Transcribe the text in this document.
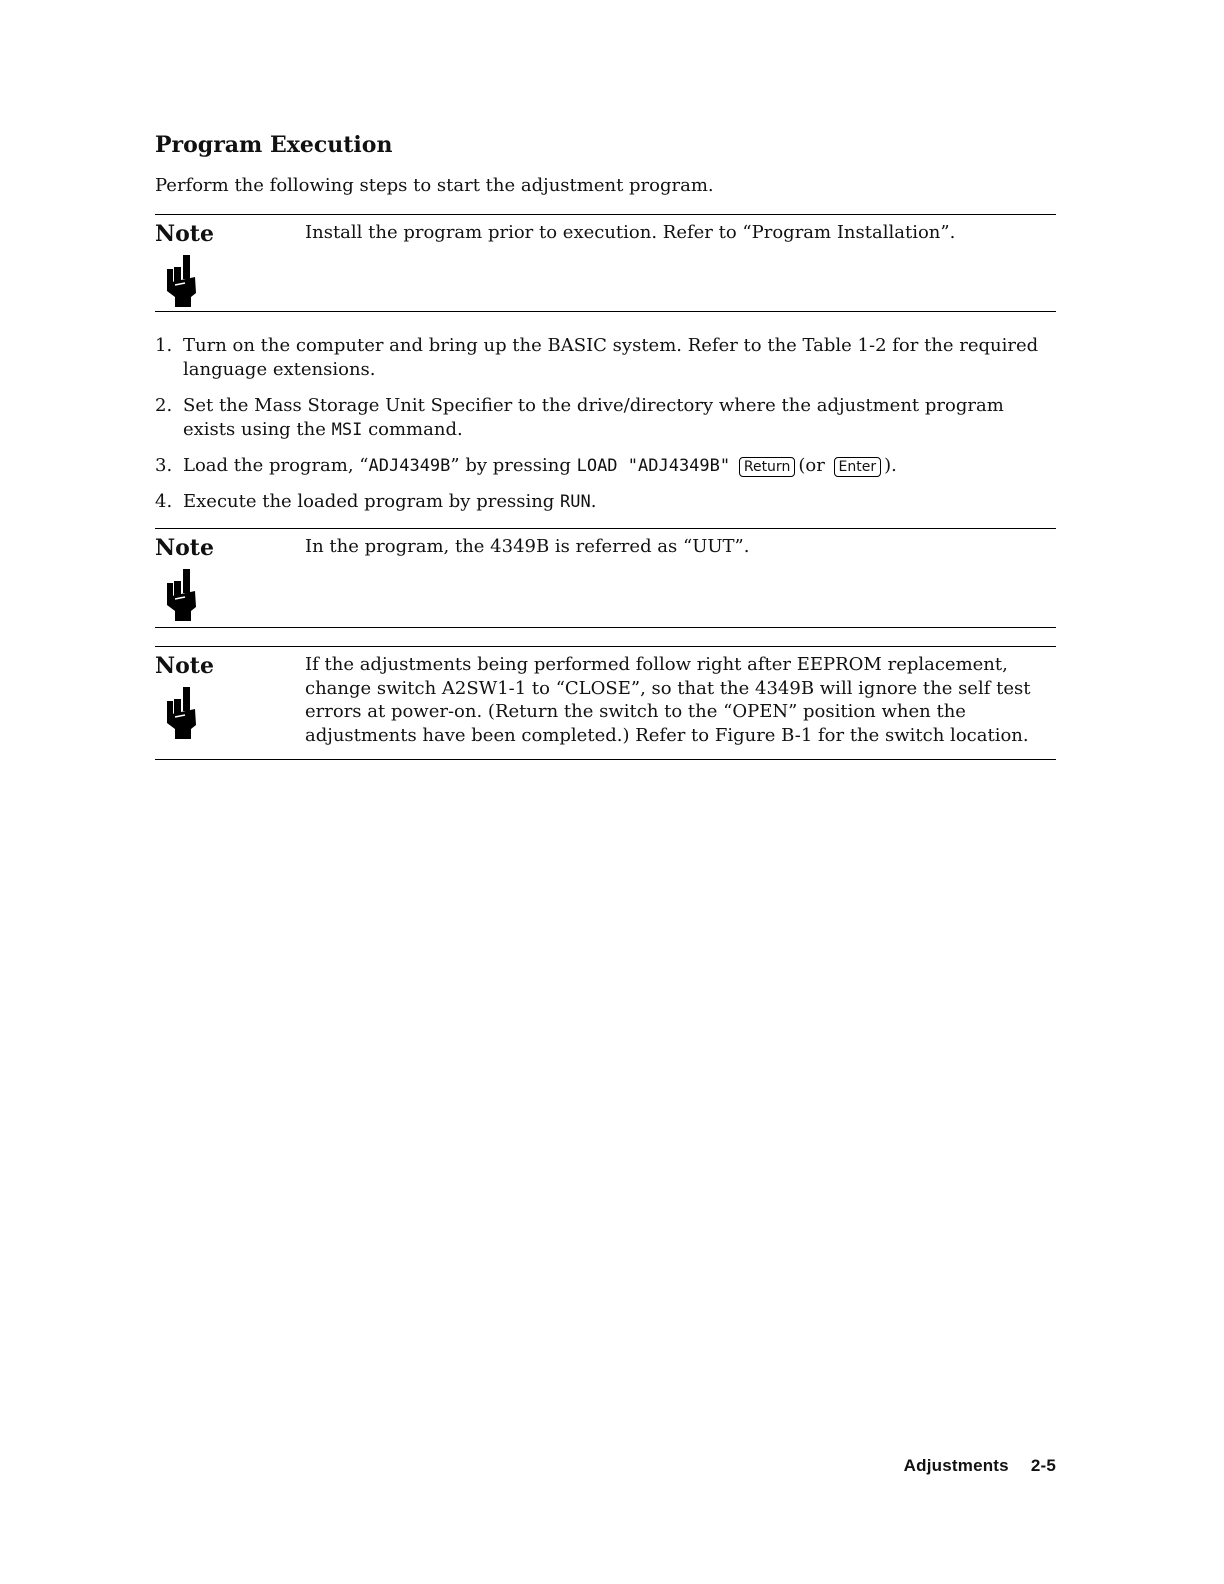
Program Execution

Perform the following steps to start the adjustment program.

Note	Install the program prior to execution. Refer to “Program Installation”.
1. Turn on the computer and bring up the BASIC system. Refer to the Table 1-2 for the required language extensions.
2. Set the Mass Storage Unit Specifier to the drive/directory where the adjustment program exists using the MSI command.
3. Load the program, “ADJ4349B” by pressing LOAD "ADJ4349B" Return (or Enter ).
4. Execute the loaded program by pressing RUN.
Note	In the program, the 4349B is referred as “UUT”.
Note	If the adjustments being performed follow right after EEPROM replacement, change switch A2SW1-1 to “CLOSE”, so that the 4349B will ignore the self test errors at power-on. (Return the switch to the “OPEN” position when the adjustments have been completed.) Refer to Figure B-1 for the switch location.
Adjustments 2-5
